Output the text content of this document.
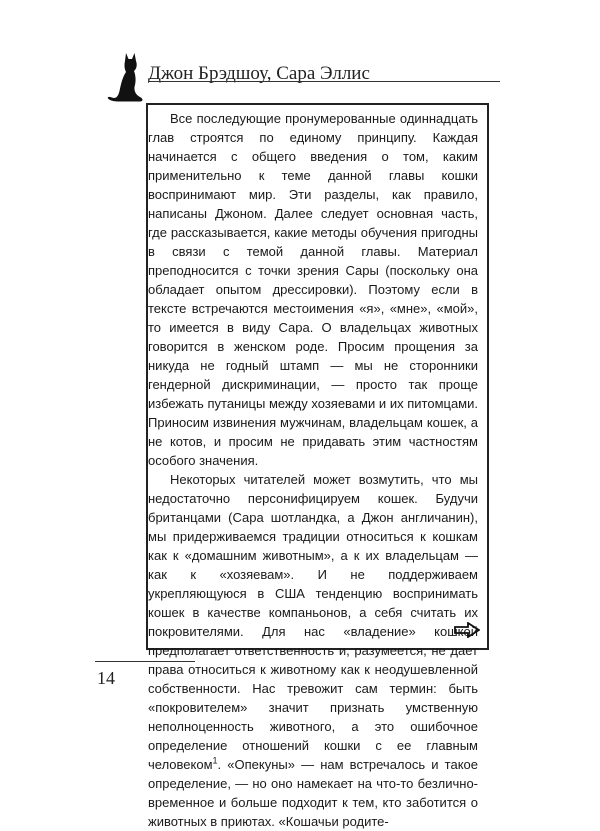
Джон Брэдшоу, Сара Эллис

Все последующие пронумерованные одиннадцать глав строятся по единому принципу. Каждая начинается с общего введения о том, каким применительно к теме данной главы кошки воспринимают мир. Эти разделы, как правило, написаны Джоном. Далее следует основная часть, где рассказывается, какие методы обучения пригодны в связи с темой данной главы. Материал преподносится с точки зрения Сары (поскольку она обладает опытом дрессировки). Поэтому если в тексте встречаются местоимения «я», «мне», «мой», то имеется в виду Сара. О владельцах животных говорится в женском роде. Просим прощения за никуда не годный штамп — мы не сторонники гендерной дискриминации, — просто так проще избежать путаницы между хозяевами и их питомцами. Приносим извинения мужчинам, владельцам кошек, а не котов, и просим не придавать этим частностям особого значения.

Некоторых читателей может возмутить, что мы недостаточно персонифицируем кошек. Будучи британцами (Сара шотландка, а Джон англичанин), мы придерживаемся традиции относиться к кошкам как к «домашним животным», а к их владельцам — как к «хозяевам». И не поддерживаем укрепляющуюся в США тенденцию воспринимать кошек в качестве компаньонов, а себя считать их покровителями. Для нас «владение» кошкой предполагает ответственность и, разумеется, не дает права относиться к животному как к неодушевленной собственности. Нас тревожит сам термин: быть «покровителем» значит признать умственную неполноценность животного, а это ошибочное определение отношений кошки с ее главным человеком$^1$. «Опекуны» — нам встречалось и такое определение, — но оно намекает на что-то безлично-временное и больше подходит к тем, кто заботится о животных в приютах. «Кошачьи родите-

14
